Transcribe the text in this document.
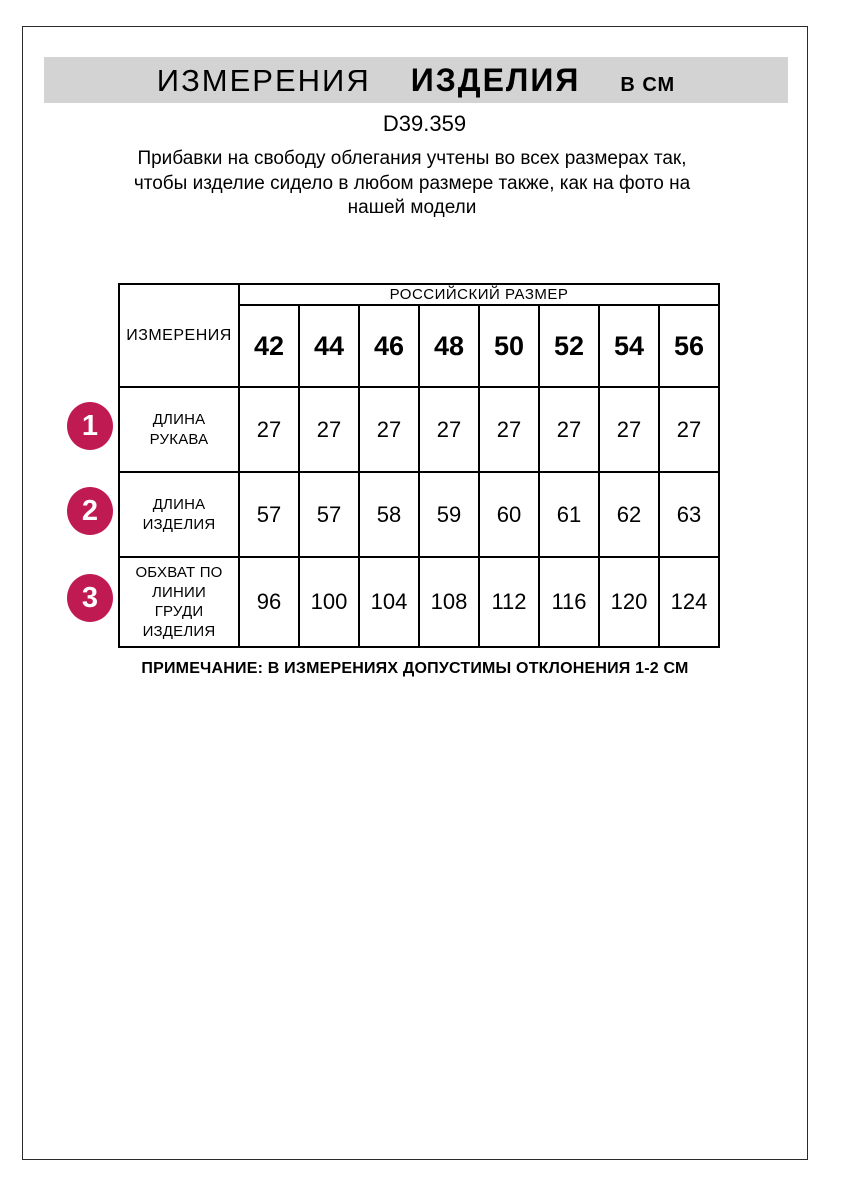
ИЗМЕРЕНИЯ ИЗДЕЛИЯ В СМ
D39.359

Прибавки на свободу облегания учтены во всех размерах так, чтобы изделие сидело в любом размере также, как на фото на нашей модели

ИЗМЕРЕНИЯ	РОССИЙСКИЙ РАЗМЕР							
	42	44	46	48	50	52	54	56
ДЛИНА РУКАВА	27	27	27	27	27	27	27	27
ДЛИНА ИЗДЕЛИЯ	57	57	58	59	60	61	62	63
ОБХВАТ ПО ЛИНИИ ГРУДИ ИЗДЕЛИЯ	96	100	104	108	112	116	120	124
1
2
3

ПРИМЕЧАНИЕ: В ИЗМЕРЕНИЯХ ДОПУСТИМЫ ОТКЛОНЕНИЯ 1-2 СМ
